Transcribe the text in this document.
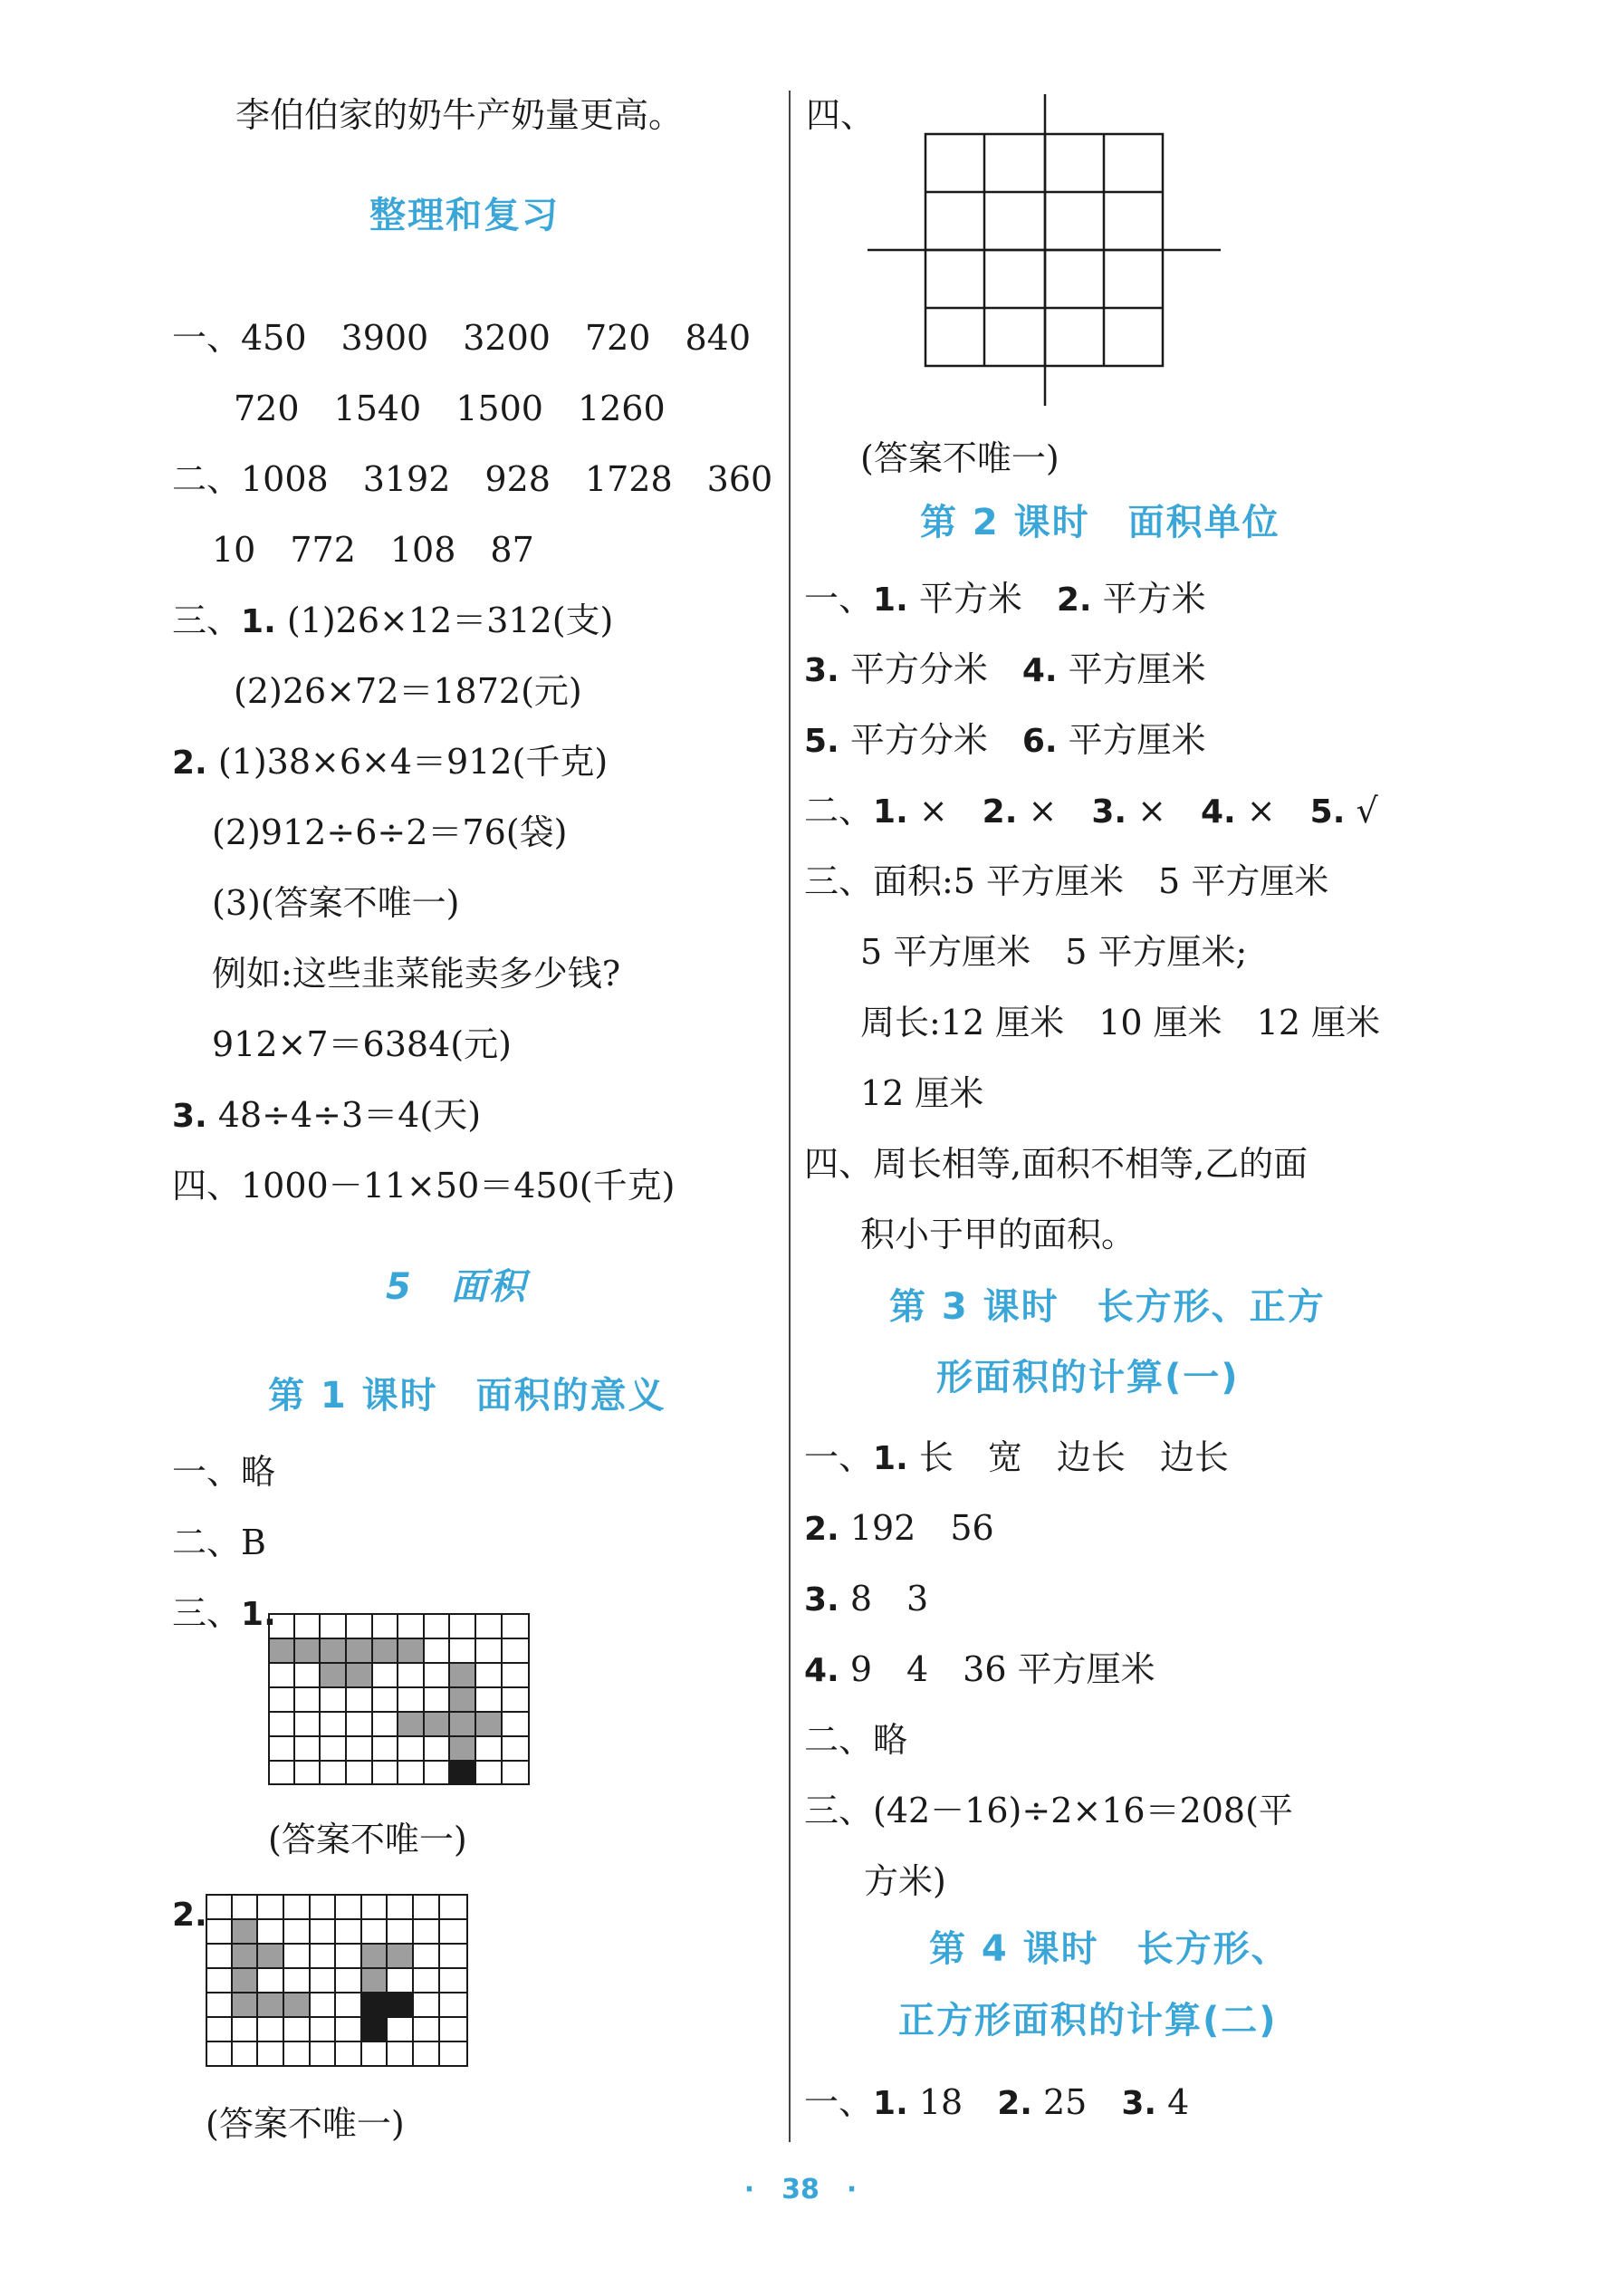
李伯伯家的奶牛产奶量更高。
整理和复习
一、450　3900　3200　720　840
720　1540　1500　1260
二、1008　3192　928　1728　360
10　772　108　87
三、1. (1)26×12＝312(支)
(2)26×72＝1872(元)
2. (1)38×6×4＝912(千克)
(2)912÷6÷2＝76(袋)
(3)(答案不唯一)
例如:这些韭菜能卖多少钱?
912×7＝6384(元)
3. 48÷4÷3＝4(天)
四、1000－11×50＝450(千克)
5　面积
第 1 课时　面积的意义
一、略
二、B
三、1.
(答案不唯一)
2.
(答案不唯一)
四、
(答案不唯一)
第 2 课时　面积单位
一、1. 平方米　2. 平方米
3. 平方分米　4. 平方厘米
5. 平方分米　6. 平方厘米
二、1. ×　2. ×　3. ×　4. ×　5. √
三、面积:5 平方厘米　5 平方厘米
5 平方厘米　5 平方厘米;
周长:12 厘米　10 厘米　12 厘米
12 厘米
四、周长相等,面积不相等,乙的面
积小于甲的面积。
第 3 课时　长方形、正方
形面积的计算(一)
一、1. 长　宽　边长　边长
2. 192　56
3. 8　3
4. 9　4　36 平方厘米
二、略
三、(42－16)÷2×16＝208(平
方米)
第 4 课时　长方形、
正方形面积的计算(二)
一、1. 18　2. 25　3. 4
·　38　·
